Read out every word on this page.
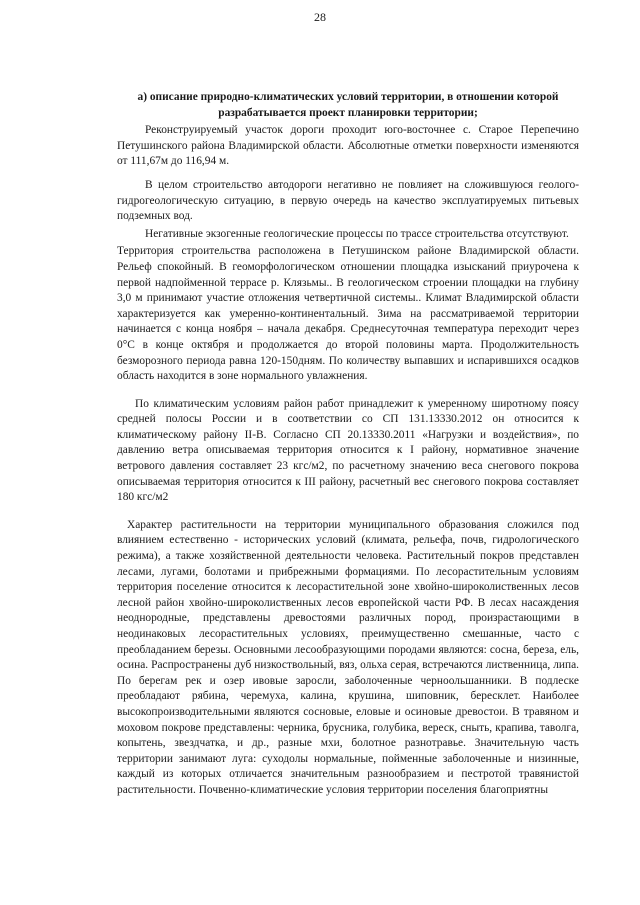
28

а) описание природно-климатических условий территории, в отношении которой разрабатывается проект планировки территории;

Реконструируемый участок дороги проходит юго-восточнее с. Старое Перепечино Петушинского района Владимирской области. Абсолютные отметки поверхности изменяются от 111,67м до 116,94 м.

В целом строительство автодороги негативно не повлияет на сложившуюся геолого-гидрогеологическую ситуацию, в первую очередь на качество эксплуатируемых питьевых подземных вод.

Негативные экзогенные геологические процессы по трассе строительства отсутствуют.

Территория строительства расположена в Петушинском районе Владимирской области. Рельеф спокойный. В геоморфологическом отношении площадка изысканий приурочена к первой надпойменной террасе р. Клязьмы.. В геологическом строении площадки на глубину 3,0 м принимают участие отложения четвертичной системы.. Климат Владимирской области характеризуется как умеренно-континентальный. Зима на рассматриваемой территории начинается с конца ноября – начала декабря. Среднесуточная температура переходит через 0°С в конце октября и продолжается до второй половины марта. Продолжительность безморозного периода равна 120-150дням. По количеству выпавших и испарившихся осадков область находится в зоне нормального увлажнения.

По климатическим условиям район работ принадлежит к умеренному широтному поясу средней полосы России и в соответствии со СП 131.13330.2012 он относится к климатическому району II-В. Согласно СП 20.13330.2011 «Нагрузки и воздействия», по давлению ветра описываемая территория относится к I району, нормативное значение ветрового давления составляет 23 кгс/м2, по расчетному значению веса снегового покрова описываемая территория относится к III району, расчетный вес снегового покрова составляет 180 кгс/м2

Характер растительности на территории муниципального образования сложился под влиянием естественно - исторических условий (климата, рельефа, почв, гидрологического режима), а также хозяйственной деятельности человека. Растительный покров представлен лесами, лугами, болотами и прибрежными формациями. По лесорастительным условиям территория поселение относится к лесорастительной зоне хвойно-широколиственных лесов лесной район хвойно-широколиственных лесов европейской части РФ. В лесах насаждения неоднородные, представлены древостоями различных пород, произрастающими в неодинаковых лесорастительных условиях, преимущественно смешанные, часто с преобладанием березы. Основными лесообразующими породами являются: сосна, береза, ель, осина. Распространены дуб низкоствольный, вяз, ольха серая, встречаются лиственница, липа. По берегам рек и озер ивовые заросли, заболоченные черноольшанники. В подлеске преобладают рябина, черемуха, калина, крушина, шиповник, бересклет. Наиболее высокопроизводительными являются сосновые, еловые и осиновые древостои. В травяном и моховом покрове представлены: черника, брусника, голубика, вереск, сныть, крапива, таволга, копытень, звездчатка, и др., разные мхи, болотное разнотравье. Значительную часть территории занимают луга: суходолы нормальные, пойменные заболоченные и низинные, каждый из которых отличается значительным разнообразием и пестротой травянистой растительности. Почвенно-климатические условия территории поселения благоприятны
